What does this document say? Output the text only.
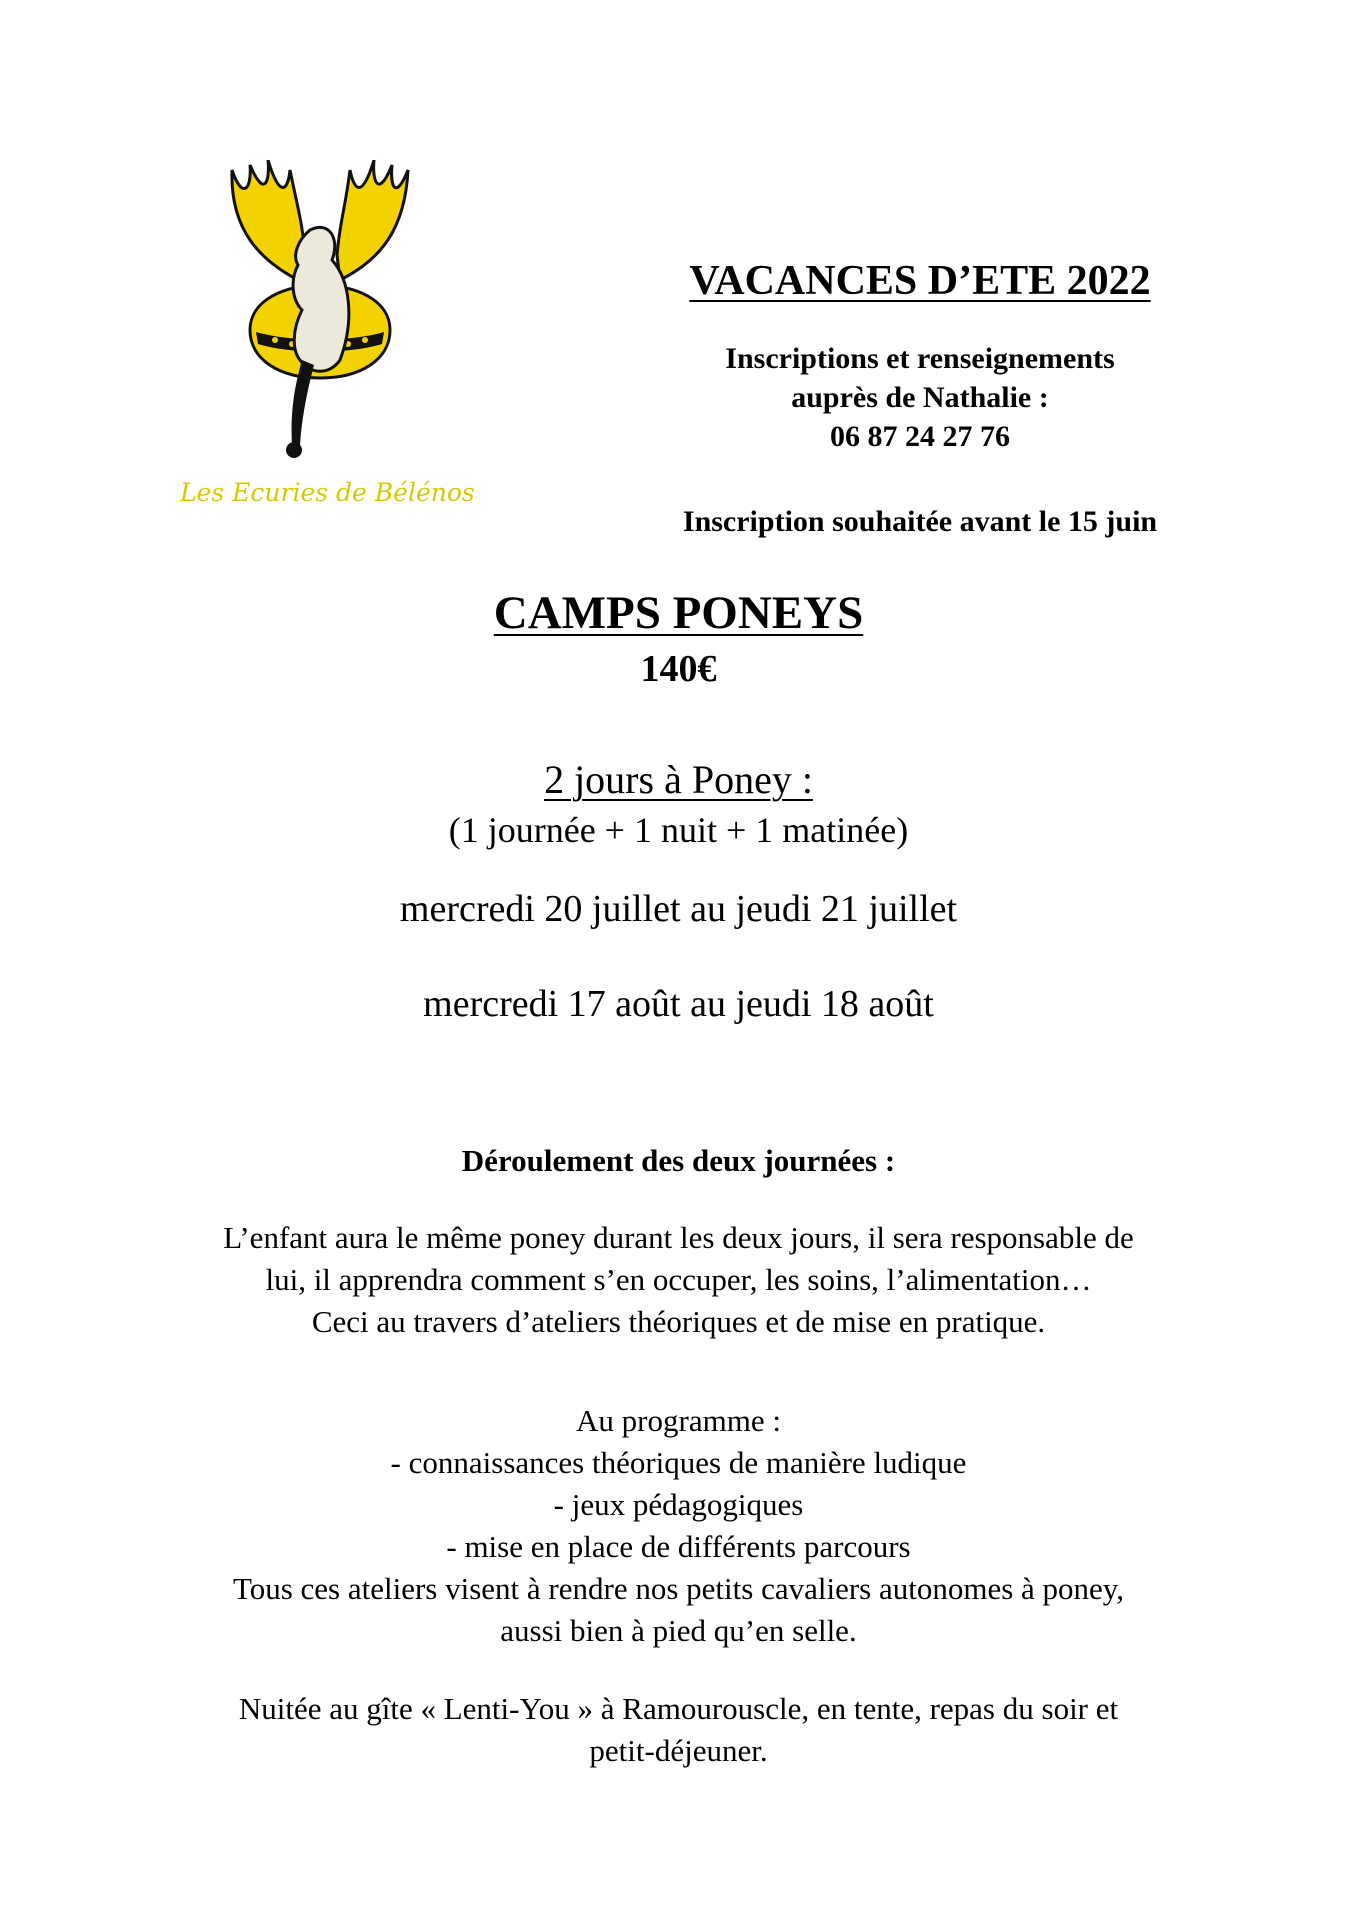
Les Ecuries de Bélénos
VACANCES D’ETE 2022
Inscriptions et renseignements
auprès de Nathalie :
06 87 24 27 76
Inscription souhaitée avant le 15 juin
CAMPS PONEYS
140€
2 jours à Poney :
(1 journée + 1 nuit + 1 matinée)
mercredi 20 juillet au jeudi 21 juillet
mercredi 17 août au jeudi 18 août
Déroulement des deux journées :
L’enfant aura le même poney durant les deux jours, il sera responsable de
lui, il apprendra comment s’en occuper, les soins, l’alimentation…
Ceci au travers d’ateliers théoriques et de mise en pratique.
Au programme :
- connaissances théoriques de manière ludique
- jeux pédagogiques
- mise en place de différents parcours
Tous ces ateliers visent à rendre nos petits cavaliers autonomes à poney,
aussi bien à pied qu’en selle.
Nuitée au gîte « Lenti-You » à Ramourouscle, en tente, repas du soir et
petit-déjeuner.
